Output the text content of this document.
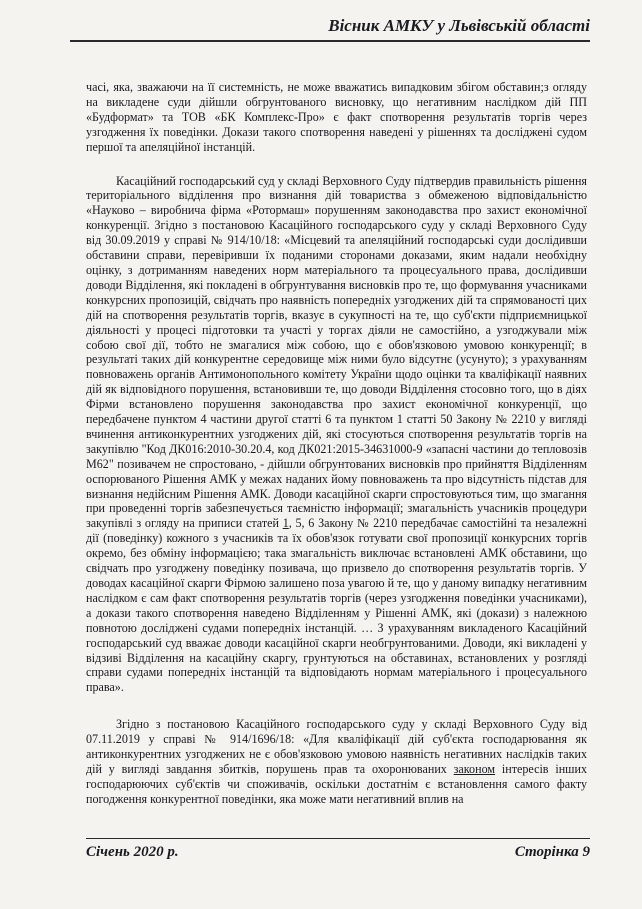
Вісник АМКУ у Львівській області

часі, яка, зважаючи на її системність, не може вважатись випадковим збігом обставин;з огляду на викладене суди дійшли обгрунтованого висновку, що негативним наслідком дій ПП «Будформат» та ТОВ «БК Комплекс-Про» є факт спотворення результатів торгів через узгодження їх поведінки. Докази такого спотворення наведені у рішеннях та досліджені судом першої та апеляційної інстанцій.

Касаційний господарський суд у складі Верховного Суду підтвердив правильність рішення територіального відділення про визнання дій товариства з обмеженою відповідальністю «Науково – виробнича фірма «Ротормаш» порушенням законодавства про захист економічної конкуренції. Згідно з постановою Касаційного господарського суду у складі Верховного Суду від 30.09.2019 у справі № 914/10/18: «Місцевий та апеляційний господарські суди дослідивши обставини справи, перевіривши їх поданими сторонами доказами, яким надали необхідну оцінку, з дотриманням наведених норм матеріального та процесуального права, дослідивши доводи Відділення, які покладені в обгрунтування висновків про те, що формування учасниками конкурсних пропозицій, свідчать про наявність попередніх узгоджених дій та спрямованості цих дій на спотворення результатів торгів, вказує в сукупності на те, що суб'єкти підприємницької діяльності у процесі підготовки та участі у торгах діяли не самостійно, а узгоджували між собою свої дії, тобто не змагалися між собою, що є обов'язковою умовою конкуренції; в результаті таких дій конкурентне середовище між ними було відсутнє (усунуто); з урахуванням повноважень органів Антимонопольного комітету України щодо оцінки та кваліфікації наявних дій як відповідного порушення, встановивши те, що доводи Відділення стосовно того, що в діях Фірми встановлено порушення законодавства про захист економічної конкуренції, що передбачене пунктом 4 частини другої статті 6 та пунктом 1 статті 50 Закону № 2210 у вигляді вчинення антиконкурентних узгоджених дій, які стосуються спотворення результатів торгів на закупівлю "Код ДК016:2010-30.20.4, код ДК021:2015-34631000-9 «запасні частини до тепловозів М62" позивачем не спростовано, - дійшли обгрунтованих висновків про прийняття Відділенням оспорюваного Рішення АМК у межах наданих йому повноважень та про відсутність підстав для визнання недійсним Рішення АМК. Доводи касаційної скарги спростовуються тим, що змагання при проведенні торгів забезпечується таємністю інформації; змагальність учасників процедури закупівлі з огляду на приписи статей 1, 5, 6 Закону № 2210 передбачає самостійні та незалежні дії (поведінку) кожного з учасників та їх обов'язок готувати свої пропозиції конкурсних торгів окремо, без обміну інформацією; така змагальність виключає встановлені АМК обставини, що свідчать про узгоджену поведінку позивача, що призвело до спотворення результатів торгів. У доводах касаційної скарги Фірмою залишено поза увагою й те, що у даному випадку негативним наслідком є сам факт спотворення результатів торгів (через узгодження поведінки учасниками), а докази такого спотворення наведено Відділенням у Рішенні АМК, які (докази) з належною повнотою досліджені судами попередніх інстанцій. … З урахуванням викладеного Касаційний господарський суд вважає доводи касаційної скарги необгрунтованими. Доводи, які викладені у відзиві Відділення на касаційну скаргу, грунтуються на обставинах, встановлених у розгляді справи судами попередніх інстанцій та відповідають нормам матеріального і процесуального права».

Згідно з постановою Касаційного господарського суду у складі Верховного Суду від 07.11.2019 у справі № 914/1696/18: «Для кваліфікації дій суб'єкта господарювання як антиконкурентних узгоджених не є обов'язковою умовою наявність негативних наслідків таких дій у вигляді завдання збитків, порушень прав та охоронюваних законом інтересів інших господарюючих суб'єктів чи споживачів, оскільки достатнім є встановлення самого факту погодження конкурентної поведінки, яка може мати негативний вплив на

Січень 2020 р.	Сторінка 9
